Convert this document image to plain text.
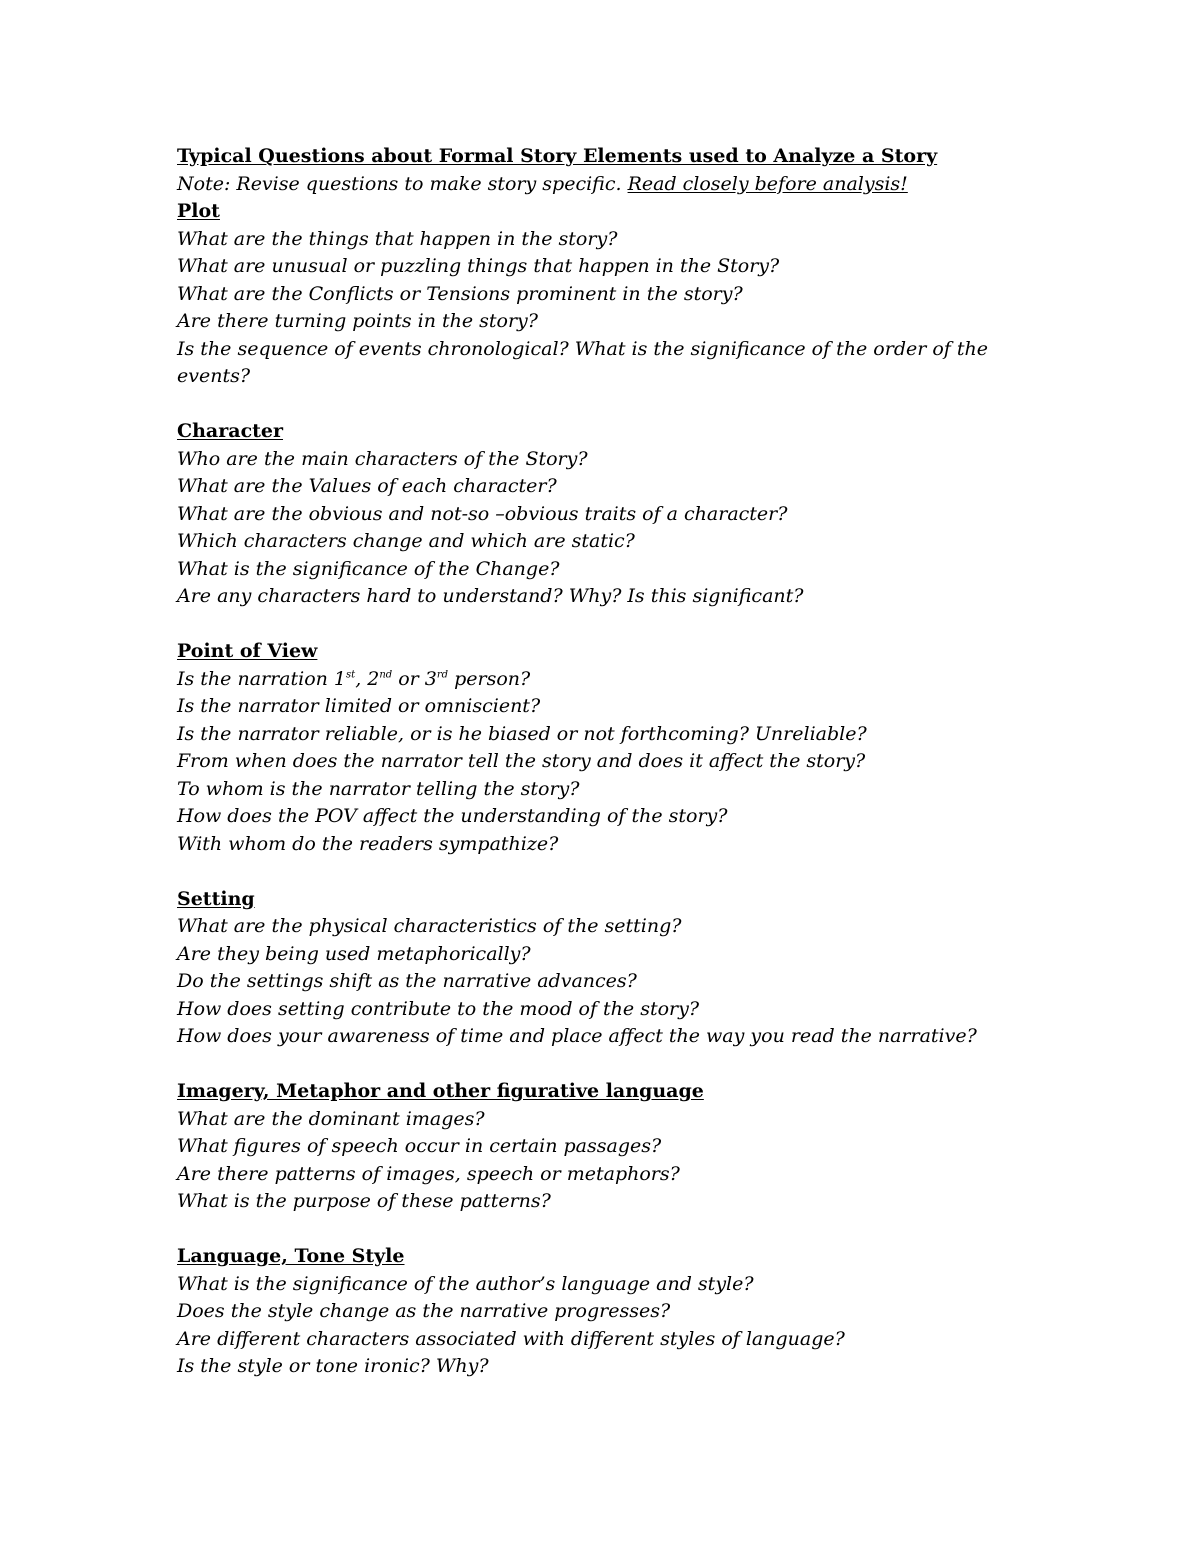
Typical Questions about Formal Story Elements used to Analyze a Story
Note: Revise questions to make story specific. Read closely before analysis!
Plot
What are the things that happen in the story?
What are unusual or puzzling things that happen in the Story?
What are the Conflicts or Tensions prominent in the story?
Are there turning points in the story?
Is the sequence of events chronological? What is the significance of the order of the events?
Character
Who are the main characters of the Story?
What are the Values of each character?
What are the obvious and not-so –obvious traits of a character?
Which characters change and which are static?
What is the significance of the Change?
Are any characters hard to understand? Why? Is this significant?
Point of View
Is the narration 1st, 2nd or 3rd person?
Is the narrator limited or omniscient?
Is the narrator reliable, or is he biased or not forthcoming? Unreliable?
From when does the narrator tell the story and does it affect the story?
To whom is the narrator telling the story?
How does the POV affect the understanding of the story?
With whom do the readers sympathize?
Setting
What are the physical characteristics of the setting?
Are they being used metaphorically?
Do the settings shift as the narrative advances?
How does setting contribute to the mood of the story?
How does your awareness of time and place affect the way you read the narrative?
Imagery, Metaphor and other figurative language
What are the dominant images?
What figures of speech occur in certain passages?
Are there patterns of images, speech or metaphors?
What is the purpose of these patterns?
Language, Tone Style
What is the significance of the author’s language and style?
Does the style change as the narrative progresses?
Are different characters associated with different styles of language?
Is the style or tone ironic? Why?
